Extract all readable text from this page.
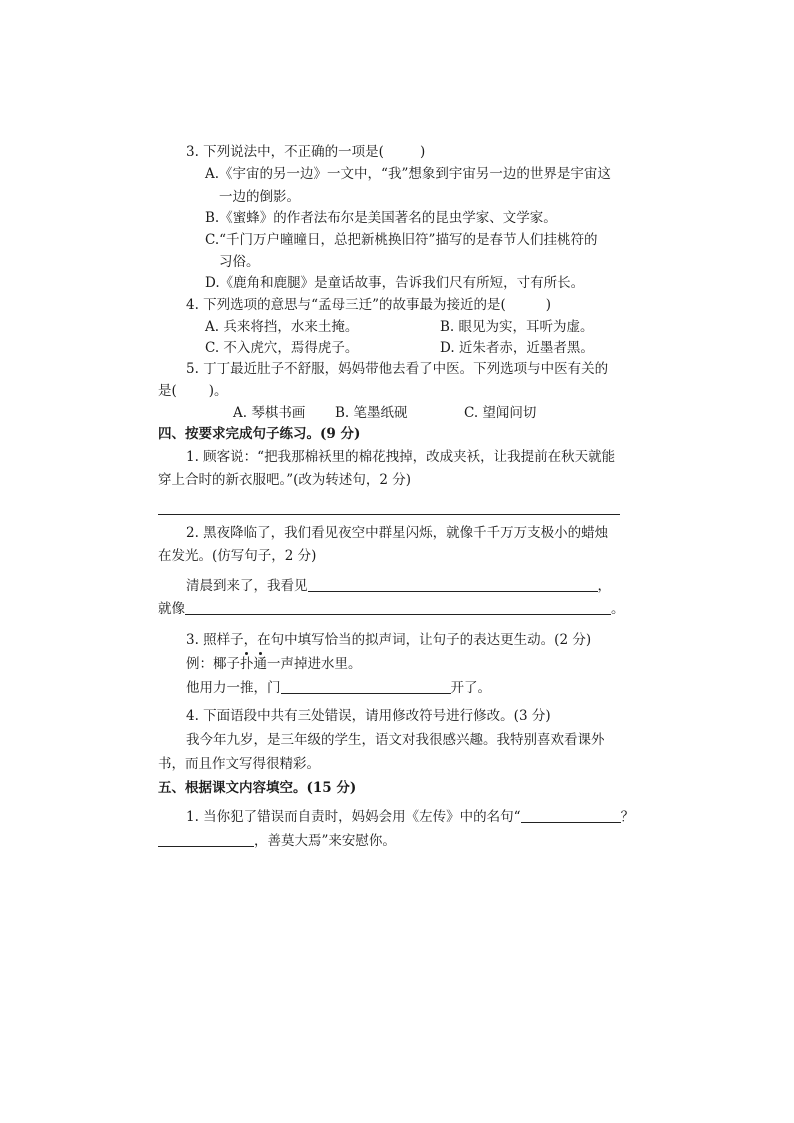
3. 下列说法中，不正确的一项是(	)
A.《宇宙的另一边》一文中，“我”想象到宇宙另一边的世界是宇宙这
一边的倒影。
B.《蜜蜂》的作者法布尔是美国著名的昆虫学家、文学家。
C.“千门万户曈曈日，总把新桃换旧符”描写的是春节人们挂桃符的
习俗。
D.《鹿角和鹿腿》是童话故事，告诉我们尺有所短，寸有所长。
4. 下列选项的意思与“孟母三迁”的故事最为接近的是(	)
A. 兵来将挡，水来土掩。	B. 眼见为实，耳听为虚。
C. 不入虎穴，焉得虎子。	D. 近朱者赤，近墨者黑。
5. 丁丁最近肚子不舒服，妈妈带他去看了中医。下列选项与中医有关的
是( )。
A. 琴棋书画 B. 笔墨纸砚	C. 望闻问切
四、按要求完成句子练习。(9 分)
1. 顾客说：“把我那棉袄里的棉花拽掉，改成夹袄，让我提前在秋天就能
穿上合时的新衣服吧。”(改为转述句，2 分)
2. 黑夜降临了，我们看见夜空中群星闪烁，就像千千万万支极小的蜡烛
在发光。(仿写句子，2 分)
清晨到来了，我看见	，
就像	。
3. 照样子，在句中填写恰当的拟声词，让句子的表达更生动。(2 分)
例：椰子扑通一声掉进水里。
他用力一推，门	开了。
4. 下面语段中共有三处错误，请用修改符号进行修改。(3 分)
我今年九岁，是三年级的学生，语文对我很感兴趣。我特别喜欢看课外
书，而且作文写得很精彩。
五、根据课文内容填空。(15 分)
1. 当你犯了错误而自责时，妈妈会用《左传》中的名句“	？
，善莫大焉”来安慰你。
